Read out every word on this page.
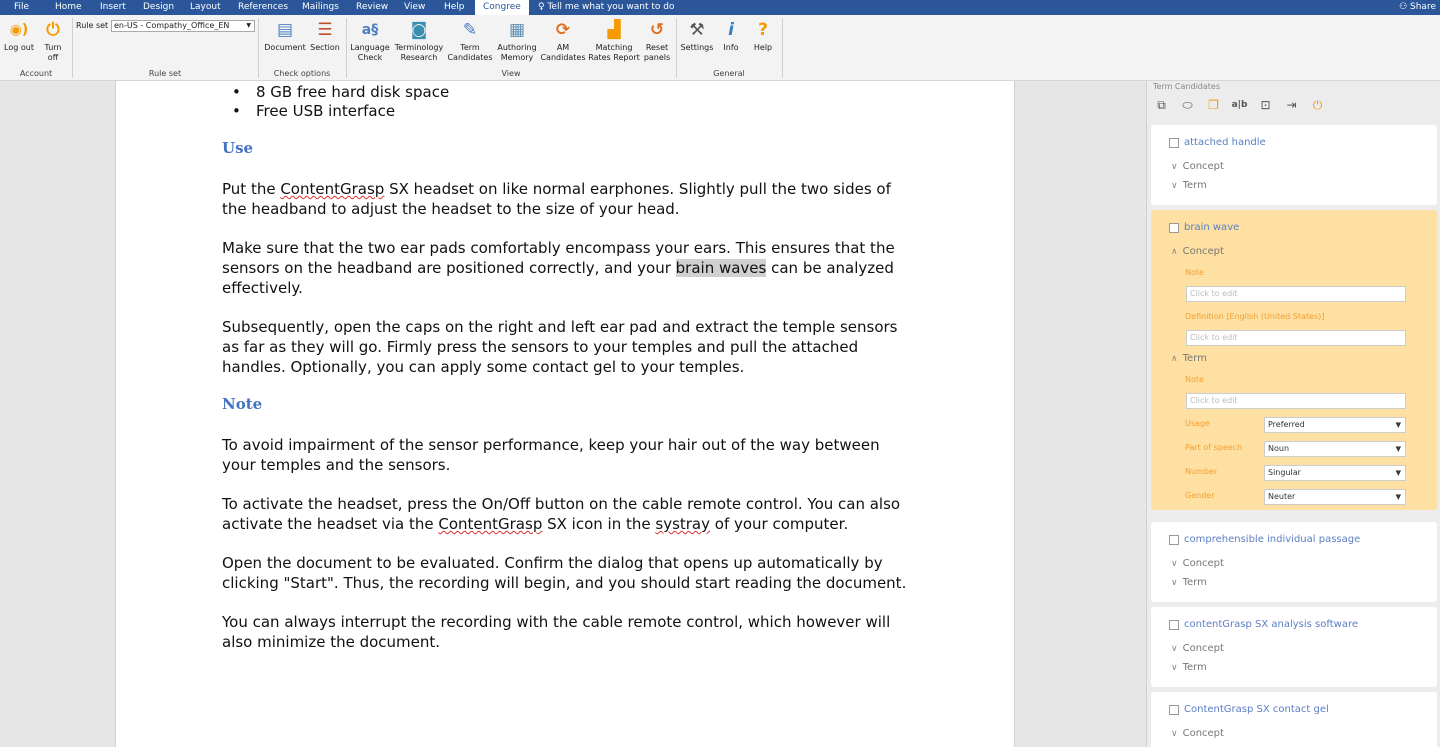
File	Home Insert Design Layout References Mailings Review View Help	Congree	♀ Tell me what you want to do	⚇ Share
◉)
Log out
⏻
Turn
off
Account
Rule set en-US - Compathy_Office_EN	▼
Rule set
▤
Document
☰
Section
Check options
a§
Language
Check
◙
Terminology
Research
✎
Term
Candidates
▦
Authoring
Memory
⟳
AM
Candidates
▟
Matching
Rates Report
↺
Reset
panels
View
⚒
Settings
i
Info
?
Help
General
• 8 GB free hard disk space
• Free USB interface
Use
Put the ContentGrasp SX headset on like normal earphones. Slightly pull the two sides of the headband to adjust the headset to the size of your head.
Make sure that the two ear pads comfortably encompass your ears. This ensures that the sensors on the headband are positioned correctly, and your brain waves can be analyzed effectively.
Subsequently, open the caps on the right and left ear pad and extract the temple sensors as far as they will go. Firmly press the sensors to your temples and pull the attached handles. Optionally, you can apply some contact gel to your temples.
Note
To avoid impairment of the sensor performance, keep your hair out of the way between your temples and the sensors.
To activate the headset, press the On/Off button on the cable remote control. You can also activate the headset via the ContentGrasp SX icon in the systray of your computer.
Open the document to be evaluated. Confirm the dialog that opens up automatically by clicking "Start". Thus, the recording will begin, and you should start reading the document.
You can always interrupt the recording with the cable remote control, which however will also minimize the document.
Term Candidates
⧉	⬭ ❐	a|b ⊡ ⇥	⏻
attached handle
∨ Concept
∨ Term
brain wave
∧ Concept
Note
Click to edit
Definition [English (United States)]
Click to edit
∧ Term
Note
Click to edit
Usage	Preferred	▼
Part of speech	Noun	▼
Number	Singular	▼
Gender	Neuter	▼
comprehensible individual passage
∨ Concept
∨ Term
contentGrasp SX analysis software
∨ Concept
∨ Term
ContentGrasp SX contact gel
∨ Concept
